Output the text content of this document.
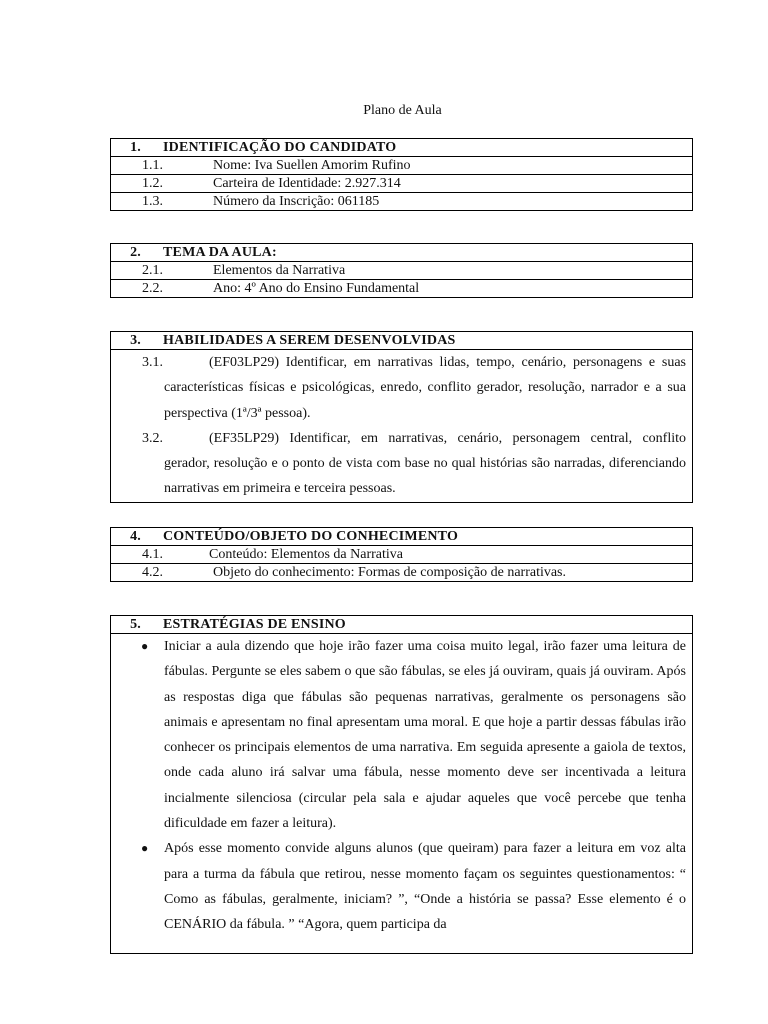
Plano de Aula
1. IDENTIFICAÇÃO DO CANDIDATO
1.1.	Nome: Iva Suellen Amorim Rufino
1.2.	Carteira de Identidade: 2.927.314
1.3.	Número da Inscrição: 061185
2. TEMA DA AULA:
2.1.	Elementos da Narrativa
2.2.	Ano: 4º Ano do Ensino Fundamental
3. HABILIDADES A SEREM DESENVOLVIDAS
3.1.	(EF03LP29) Identificar, em narrativas lidas, tempo, cenário, personagens e suas características físicas e psicológicas, enredo, conflito gerador, resolução, narrador e a sua perspectiva (1ª/3ª pessoa).
3.2.	(EF35LP29) Identificar, em narrativas, cenário, personagem central, conflito gerador, resolução e o ponto de vista com base no qual histórias são narradas, diferenciando narrativas em primeira e terceira pessoas.
4. CONTEÚDO/OBJETO DO CONHECIMENTO
4.1.	Conteúdo: Elementos da Narrativa
4.2.	Objeto do conhecimento: Formas de composição de narrativas.
5. ESTRATÉGIAS DE ENSINO
●	Iniciar a aula dizendo que hoje irão fazer uma coisa muito legal, irão fazer uma leitura de fábulas. Pergunte se eles sabem o que são fábulas, se eles já ouviram, quais já ouviram. Após as respostas diga que fábulas são pequenas narrativas, geralmente os personagens são animais e apresentam no final apresentam uma moral. E que hoje a partir dessas fábulas irão conhecer os principais elementos de uma narrativa. Em seguida apresente a gaiola de textos, onde cada aluno irá salvar uma fábula, nesse momento deve ser incentivada a leitura incialmente silenciosa (circular pela sala e ajudar aqueles que você percebe que tenha dificuldade em fazer a leitura).
●	Após esse momento convide alguns alunos (que queiram) para fazer a leitura em voz alta para a turma da fábula que retirou, nesse momento façam os seguintes questionamentos: “ Como as fábulas, geralmente, iniciam? ”, “Onde a história se passa? Esse elemento é o CENÁRIO da fábula. ” “Agora, quem participa da
